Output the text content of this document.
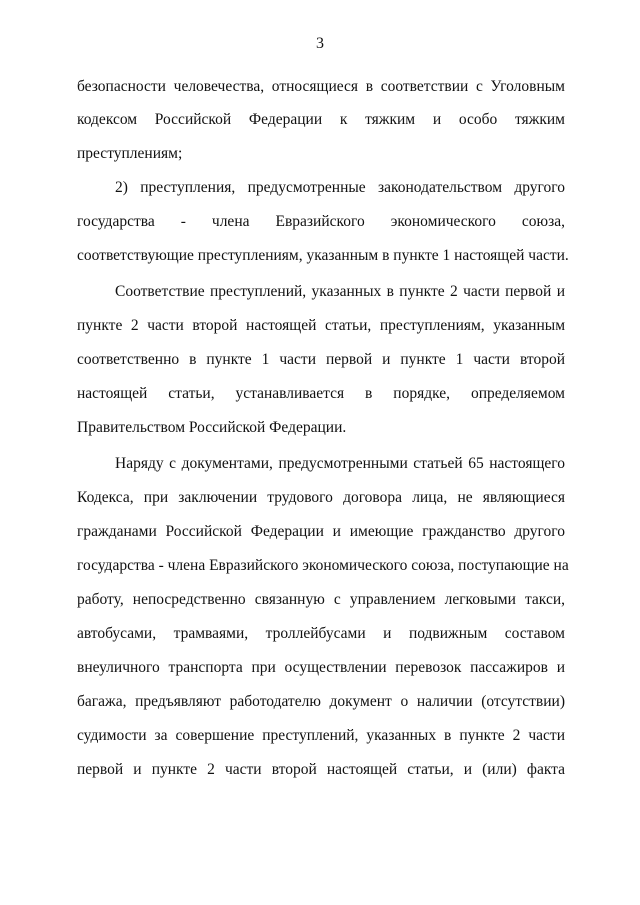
3
безопасности человечества, относящиеся в соответствии с Уголовным
кодексом Российской Федерации к тяжким и особо тяжким
преступлениям;
2) преступления, предусмотренные законодательством другого
государства - члена Евразийского экономического союза,
соответствующие преступлениям, указанным в пункте 1 настоящей части.
Соответствие преступлений, указанных в пункте 2 части первой и
пункте 2 части второй настоящей статьи, преступлениям, указанным
соответственно в пункте 1 части первой и пункте 1 части второй
настоящей статьи, устанавливается в порядке, определяемом
Правительством Российской Федерации.
Наряду с документами, предусмотренными статьей 65 настоящего
Кодекса, при заключении трудового договора лица, не являющиеся
гражданами Российской Федерации и имеющие гражданство другого
государства - члена Евразийского экономического союза, поступающие на
работу, непосредственно связанную с управлением легковыми такси,
автобусами, трамваями, троллейбусами и подвижным составом
внеуличного транспорта при осуществлении перевозок пассажиров и
багажа, предъявляют работодателю документ о наличии (отсутствии)
судимости за совершение преступлений, указанных в пункте 2 части
первой и пункте 2 части второй настоящей статьи, и (или) факта
